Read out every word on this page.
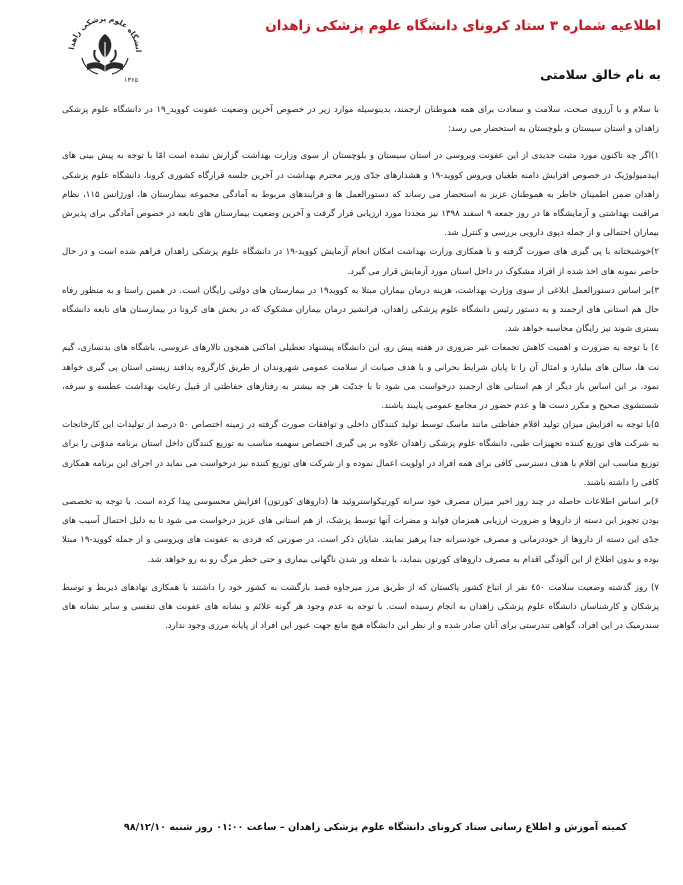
انشگاه علوم پزشکی زاهدا
۱۳۶۵
اطلاعیه شماره ۳ ستاد کرونای دانشگاه علوم پزشکی زاهدان
به نام خالق سلامتی

با سلام و با آرزوی صحت، سلامت و سعادت برای همه هموطنان ارجمند، بدینوسیله موارد زیر در خصوص آخرین وضعیت عفونت کووید_۱۹ در دانشگاه علوم پزشکی زاهدان و استان سیستان و بلوچستان به استحضار می رسد:

۱)اگر چه تاکنون مورد مثبت جدیدی از این عفونت ویروسی در استان سیستان و بلوچستان از سوی وزارت بهداشت گزارش نشده است امّا با توجه به پیش بینی های اپیدمیولوژیک در خصوص افزایش دامنه طغیان ویروس کووید-۱۹ و هشدارهای جدّی وزیر محترم بهداشت در آخرین جلسه قرارگاه کشوری کرونا، دانشگاه علوم پزشکی زاهدان ضمن اطمینان خاطر به هموطنان عزیز به استحضار می رساند که دستورالعمل ها و فرایندهای مربوط به آمادگی مجموعه بیمارستان ها، اورژانس ۱۱۵، نظام مراقبت بهداشتی و آزمایشگاه ها در روز جمعه ۹ اسفند ۱۳۹۸ نیز مجددا مورد ارزیابی قرار گرفت و آخرین وضعیت بیمارستان های تابعه در خصوص آمادگی برای پذیرش بیماران احتمالی و از جمله دپوی دارویی بررسی و کنترل شد.

۲)خوشبختانه با پی گیری های صورت گرفته و با همکاری وزارت بهداشت امکان انجام آزمایش کووید-۱۹ در دانشگاه علوم پزشکی زاهدان فراهم شده است و در حال حاضر نمونه های اخذ شده از افراد مشکوک در داخل استان مورد آزمایش قرار می گیرد.

۳)بر اساس دستورالعمل ابلاغی از سوی وزارت بهداشت، هزینه درمان بیماران مبتلا به کووید۱۹ در بیمارستان های دولتی رایگان است. در همین راستا و به منظور رفاه حال هم استانی های ارجمند و به دستور رئیس دانشگاه علوم پزشکی زاهدان، فرانشیز درمان بیماران مشکوک که در بخش های کرونا در بیمارستان های تابعه دانشگاه بستری شوند نیز رایگان محاسبه خواهد شد.

٤) با توجه به ضرورت و اهمیت کاهش تجمعات غیر ضروری در هفته پیش رو، این دانشگاه پیشنهاد تعطیلی اماکنی همچون تالارهای عروسی، باشگاه های بدنسازی، گیم نت ها، سالن های بیلیارد و امثال آن را تا پایان شرایط بحرانی و با هدف صیانت از سلامت عمومی شهروندان از طریق کارگروه پدافند زیستی استان پی گیری خواهد نمود. بر این اساس بار دیگر از هم استانی های ارجمند درخواست می شود تا با جدیّت هر چه بیشتر به رفتارهای حفاظتی از قبیل رعایت بهداشت عطسه و سرفه، شستشوی صحیح و مکرر دست ها و عدم حضور در مجامع عمومی پایبند باشند.

۵)با توجه به افزایش میزان تولید اقلام حفاظتی مانند ماسک توسط تولید کنندگان داخلی و توافقات صورت گرفته در زمینه اختصاص ۵۰ درصد از تولیدات این کارخانجات به شرکت های توزیع کننده تجهیزات طبی، دانشگاه علوم پزشکی زاهدان علاوه بر پی گیری اختصاص سهمیه مناسب به توزیع کنندگان داخل استان برنامه مدوّنی را برای توزیع مناسب این اقلام با هدف دسترسی کافی برای همه افراد در اولویت اعمال نموده و از شرکت های توزیع کننده نیز درخواست می نماید در اجرای این برنامه همکاری کافی را داشته باشند.

۶)بر اساس اطلاعات حاصله در چند روز اخیر میزان مصرف خود سرانه کورتیکواستروئید ها (داروهای کورتون) افزایش محسوسی پیدا کرده است. با توجه به تخصصی بودن تجویز این دسته از داروها و ضرورت ارزیابی همزمان فواید و مضرات آنها توسط پزشک، از هم استانی های عزیز درخواست می شود تا به دلیل احتمال آسیب های جدّی این دسته از داروها از خوددرمانی و مصرف خودسرانه جدا پرهیز نمایند. شایان ذکر است، در صورتی که فردی به عفونت های ویروسی و از جمله کووید-۱۹ مبتلا بوده و بدون اطلاع از این آلودگی اقدام به مصرف داروهای کورتون بنماید، با شعله ور شدن ناگهانی بیماری و حتی خطر مرگ رو به رو خواهد شد.

۷) روز گذشته وضعیت سلامت ٤٥٠ نفر از اتباع کشور پاکستان که از طریق مرز میرجاوه قصد بازگشت به کشور خود را داشتند با همکاری نهادهای ذیربط و توسط پزشکان و کارشناسان دانشگاه علوم پزشکی زاهدان به انجام رسیده است. با توجه به عدم وجود هر گونه علائم و نشانه های عفونت های تنفسی و سایر نشانه های سندرمیک در این افراد، گواهی تندرستی برای آنان صادر شده و از نظر این دانشگاه هیچ مانع جهت عبور این افراد از پایانه مرزی وجود ندارد.

کمیته آموزش و اطلاع رسانی ستاد کرونای دانشگاه علوم پزشکی زاهدان – ساعت ۰۱:۰۰ روز شنبه ۹۸/۱۲/۱۰
